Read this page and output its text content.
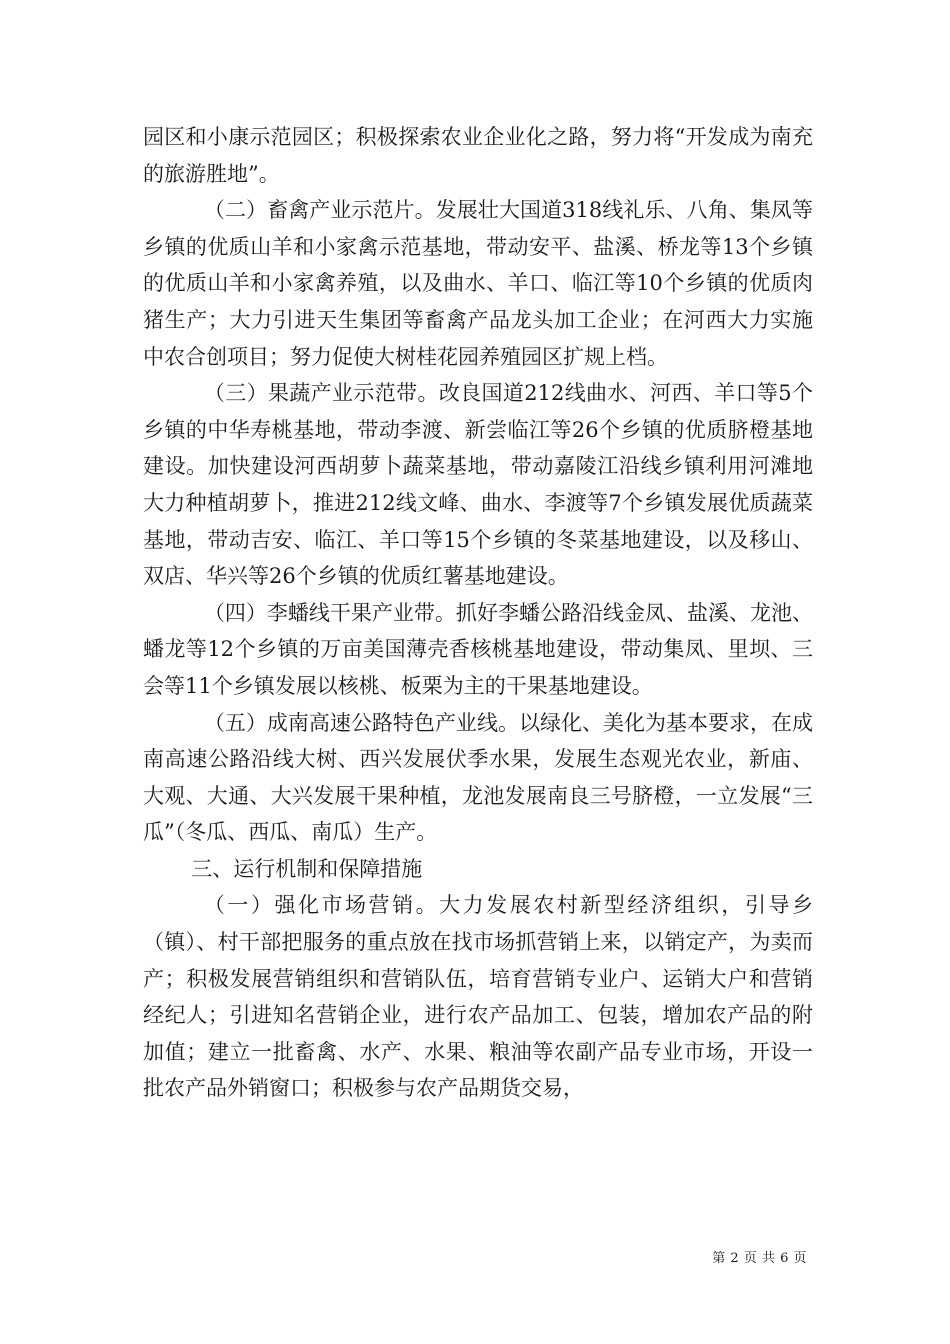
园区和小康示范园区；积极探索农业企业化之路，努力将“开发成为南充的旅游胜地”。

（二）畜禽产业示范片。发展壮大国道318线礼乐、八角、集凤等乡镇的优质山羊和小家禽示范基地，带动安平、盐溪、桥龙等13个乡镇的优质山羊和小家禽养殖，以及曲水、羊口、临江等10个乡镇的优质肉猪生产；大力引进天生集团等畜禽产品龙头加工企业；在河西大力实施中农合创项目；努力促使大树桂花园养殖园区扩规上档。

（三）果蔬产业示范带。改良国道212线曲水、河西、羊口等5个乡镇的中华寿桃基地，带动李渡、新尝临江等26个乡镇的优质脐橙基地建设。加快建设河西胡萝卜蔬菜基地，带动嘉陵江沿线乡镇利用河滩地大力种植胡萝卜，推进212线文峰、曲水、李渡等7个乡镇发展优质蔬菜基地，带动吉安、临江、羊口等15个乡镇的冬菜基地建设，以及移山、双店、华兴等26个乡镇的优质红薯基地建设。

（四）李蟠线干果产业带。抓好李蟠公路沿线金凤、盐溪、龙池、蟠龙等12个乡镇的万亩美国薄壳香核桃基地建设，带动集凤、里坝、三会等11个乡镇发展以核桃、板栗为主的干果基地建设。

（五）成南高速公路特色产业线。以绿化、美化为基本要求，在成南高速公路沿线大树、西兴发展伏季水果，发展生态观光农业，新庙、大观、大通、大兴发展干果种植，龙池发展南良三号脐橙，一立发展“三瓜”（冬瓜、西瓜、南瓜）生产。

三、运行机制和保障措施

（一）强化市场营销。大力发展农村新型经济组织，引导乡（镇）、村干部把服务的重点放在找市场抓营销上来，以销定产，为卖而产；积极发展营销组织和营销队伍，培育营销专业户、运销大户和营销经纪人；引进知名营销企业，进行农产品加工、包装，增加农产品的附加值；建立一批畜禽、水产、水果、粮油等农副产品专业市场，开设一批农产品外销窗口；积极参与农产品期货交易，

第 2 页 共 6 页
